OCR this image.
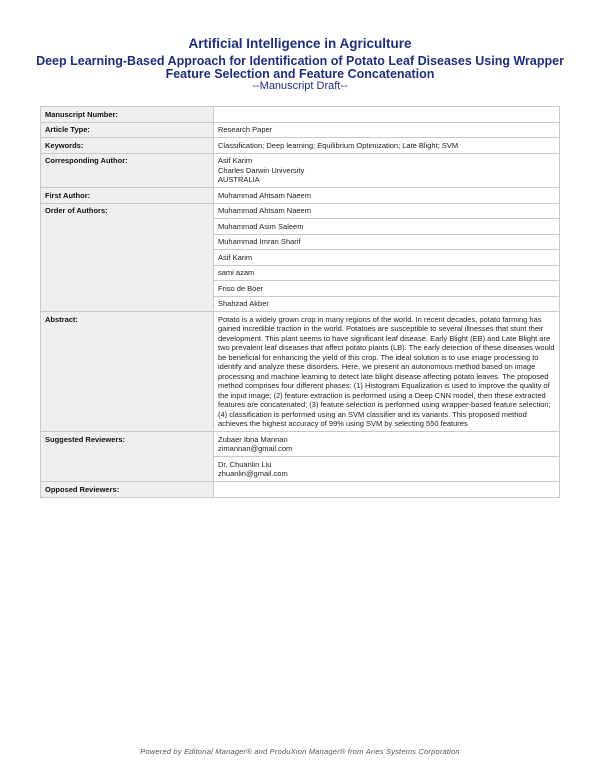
Artificial Intelligence in Agriculture
Deep Learning-Based Approach for Identification of Potato Leaf Diseases Using Wrapper Feature Selection and Feature Concatenation
--Manuscript Draft--
Manuscript Number:	
Article Type:	Research Paper
Keywords:	Classification; Deep learning; Equilibrium Optimization; Late Blight; SVM
Corresponding Author:	Asif Karim
Charles Darwin University
AUSTRALIA

First Author:	Muhammad Ahtsam Naeem
Order of Authors:	Muhammad Ahtsam Naeem
	Muhammad Asim Saleem
	Muhammad Imran Sharif
	Asif Karim
	sami azam
	Friso de Boer
	Shahzad Akber
Abstract:	Potato is a widely grown crop in many regions of the world. In recent decades, potato farming has gained incredible traction in the world. Potatoes are susceptible to several illnesses that stunt their development. This plant seems to have significant leaf disease. Early Blight (EB) and Late Blight are two prevalent leaf diseases that affect potato plants (LB). The early detection of these diseases would be beneficial for enhancing the yield of this crop. The ideal solution is to use image processing to identify and analyze these disorders. Here, we present an autonomous method based on image processing and machine learning to detect late blight disease affecting potato leaves. The proposed method comprises four different phases: (1) Histogram Equalization is used to improve the quality of the input image; (2) feature extraction is performed using a Deep CNN model, then these extracted features are concatenated; (3) feature selection is performed using wrapper-based feature selection; (4) classification is performed using an SVM classifier and its variants. This proposed method achieves the highest accuracy of 99% using SVM by selecting 550 features
Suggested Reviewers:	Zubaer Ibna Mannan
zimannan@gmail.com

	Dr. Chuanlin Liu
zhuanlin@gmail.com

Opposed Reviewers:	
Powered by Editorial Manager® and ProduXion Manager® from Aries Systems Corporation
